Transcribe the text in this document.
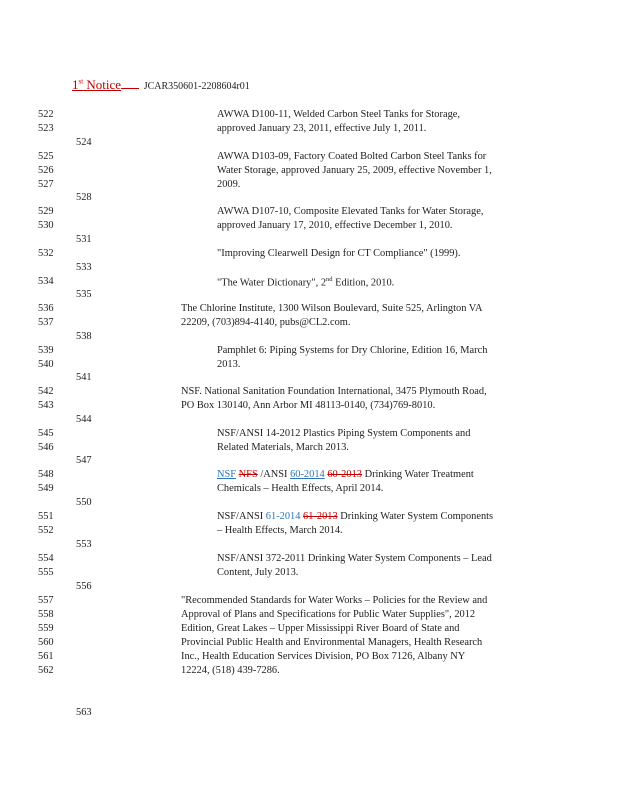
1st Notice JCAR350601-2208604r01
522
523
524
525
526
527
528
529
530
531
532
533
534
535
536
537
538
539
540
541
542
543
544
545
546
547
548
549
550
551
552
553
554
555
556
557
558
559
560
561
562
563
AWWA D100-11, Welded Carbon Steel Tanks for Storage,
approved January 23, 2011, effective July 1, 2011.
AWWA D103-09, Factory Coated Bolted Carbon Steel Tanks for
Water Storage, approved January 25, 2009, effective November 1,
2009.
AWWA D107-10, Composite Elevated Tanks for Water Storage,
approved January 17, 2010, effective December 1, 2010.
"Improving Clearwell Design for CT Compliance" (1999).
"The Water Dictionary", 2nd Edition, 2010.
The Chlorine Institute, 1300 Wilson Boulevard, Suite 525, Arlington VA
22209, (703)894-4140, pubs@CL2.com.
Pamphlet 6: Piping Systems for Dry Chlorine, Edition 16, March
2013.
NSF. National Sanitation Foundation International, 3475 Plymouth Road,
PO Box 130140, Ann Arbor MI 48113-0140, (734)769-8010.
NSF/ANSI 14-2012 Plastics Piping System Components and
Related Materials, March 2013.
NSF NFS /ANSI 60-2014 60-2013 Drinking Water Treatment
Chemicals – Health Effects, April 2014.
NSF/ANSI 61-2014 61-2013 Drinking Water System Components
– Health Effects, March 2014.
NSF/ANSI 372-2011 Drinking Water System Components – Lead
Content, July 2013.
"Recommended Standards for Water Works – Policies for the Review and
Approval of Plans and Specifications for Public Water Supplies", 2012
Edition, Great Lakes – Upper Mississippi River Board of State and
Provincial Public Health and Environmental Managers, Health Research
Inc., Health Education Services Division, PO Box 7126, Albany NY
12224, (518) 439-7286.
